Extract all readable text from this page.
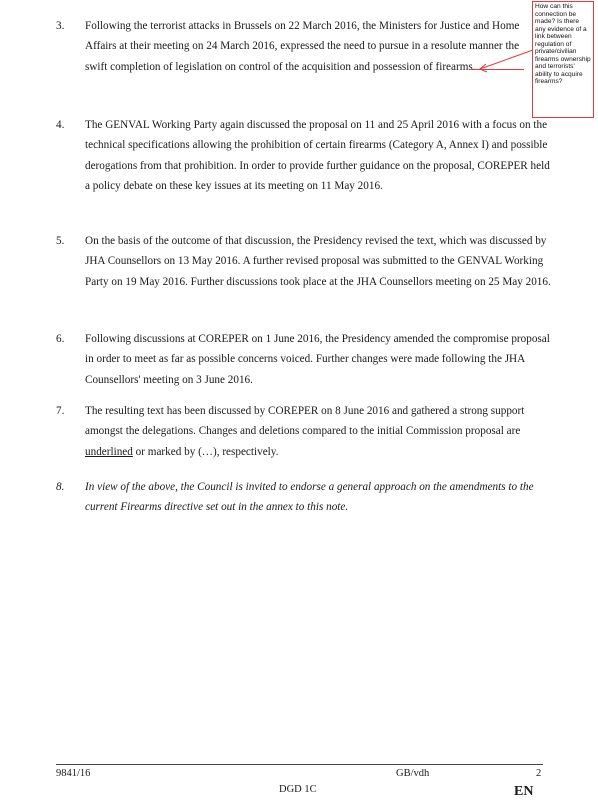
3.	Following the terrorist attacks in Brussels on 22 March 2016, the Ministers for Justice and Home Affairs at their meeting on 24 March 2016, expressed the need to pursue in a resolute manner the swift completion of legislation on control of the acquisition and possession of firearms.
4.	The GENVAL Working Party again discussed the proposal on 11 and 25 April 2016 with a focus on the technical specifications allowing the prohibition of certain firearms (Category A, Annex I) and possible derogations from that prohibition. In order to provide further guidance on the proposal, COREPER held a policy debate on these key issues at its meeting on 11 May 2016.
5.	On the basis of the outcome of that discussion, the Presidency revised the text, which was discussed by JHA Counsellors on 13 May 2016. A further revised proposal was submitted to the GENVAL Working Party on 19 May 2016. Further discussions took place at the JHA Counsellors meeting on 25 May 2016.
6.	Following discussions at COREPER on 1 June 2016, the Presidency amended the compromise proposal in order to meet as far as possible concerns voiced. Further changes were made following the JHA Counsellors' meeting on 3 June 2016.
7.	The resulting text has been discussed by COREPER on 8 June 2016 and gathered a strong support amongst the delegations. Changes and deletions compared to the initial Commission proposal are underlined or marked by (…), respectively.
8.	In view of the above, the Council is invited to endorse a general approach on the amendments to the current Firearms directive set out in the annex to this note.
How can this connection be made? Is there any evidence of a link between regulation of private/civilian firearms ownership and terrorists' ability to acquire firearms?
9841/16	GB/vdh	2
DGD 1C	EN
